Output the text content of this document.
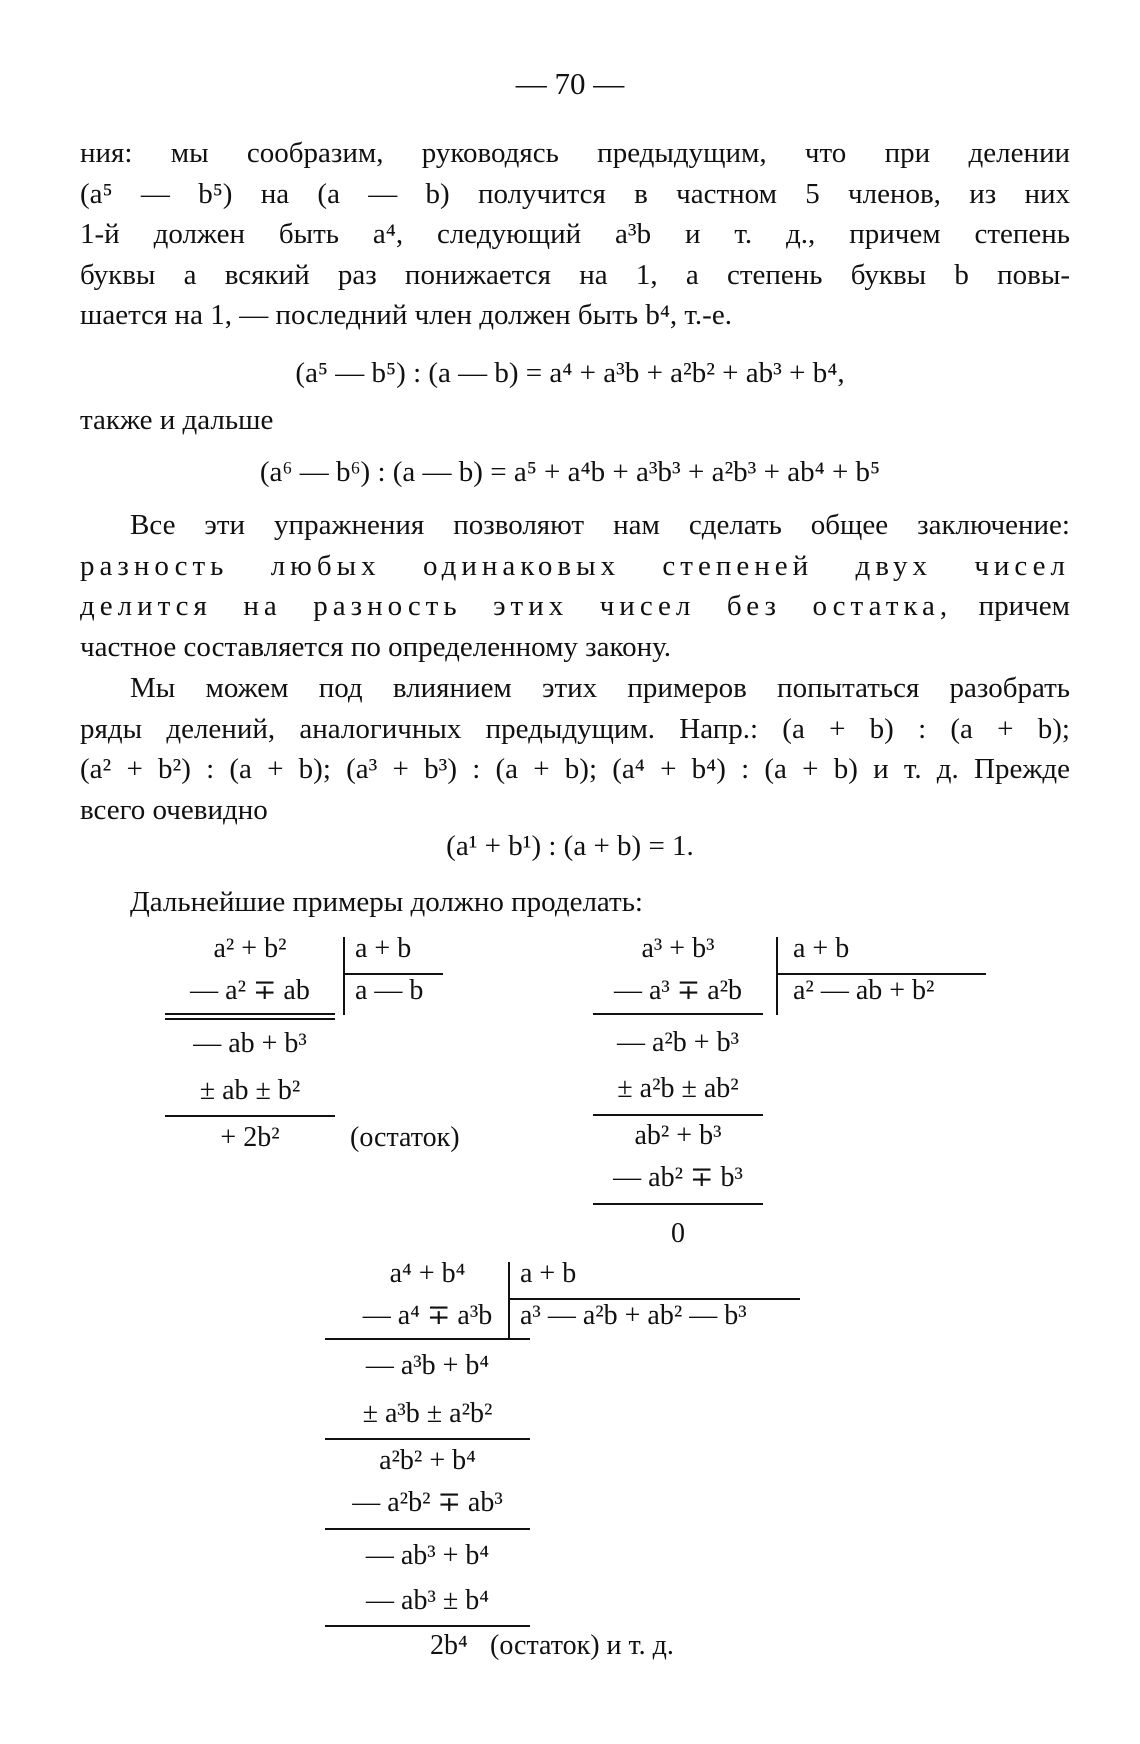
— 70 —
ния: мы сообразим, руководясь предыдущим, что при делении
(a⁵ — b⁵) на (a — b) получится в частном 5 членов, из них
1-й должен быть a⁴, следующий a³b и т. д., причем степень
буквы a всякий раз понижается на 1, а степень буквы b повы-
шается на 1, — последний член должен быть b⁴, т.-е.
(a⁵ — b⁵) : (a — b) = a⁴ + a³b + a²b² + ab³ + b⁴,
также и дальше
(a⁶ — b⁶) : (a — b) = a⁵ + a⁴b + a³b³ + a²b³ + ab⁴ + b⁵
Все эти упражнения позволяют нам сделать общее заключение:
разность любых одинаковых степеней двух чисел
делится на разность этих чисел без остатка, причем
частное составляется по определенному закону.
Мы можем под влиянием этих примеров попытаться разобрать
ряды делений, аналогичных предыдущим. Напр.: (a + b) : (a + b);
(a² + b²) : (a + b); (a³ + b³) : (a + b); (a⁴ + b⁴) : (a + b) и т. д. Прежде
всего очевидно
(a¹ + b¹) : (a + b) = 1.
Дальнейшие примеры должно проделать:
a² + b²
— a² ∓ ab
— ab + b³
± ab ± b²
+ 2b²	(остаток)
a + b
a — b
a³ + b³
— a³ ∓ a²b
— a²b + b³
± a²b ± ab²
ab² + b³
— ab² ∓ b³
0
a + b
a² — ab + b²
a⁴ + b⁴
— a⁴ ∓ a³b
— a³b + b⁴
± a³b ± a²b²
a²b² + b⁴
— a²b² ∓ ab³
— ab³ + b⁴
— ab³ ± b⁴
2b⁴ (остаток) и т. д.
a + b
a³ — a²b + ab² — b³
